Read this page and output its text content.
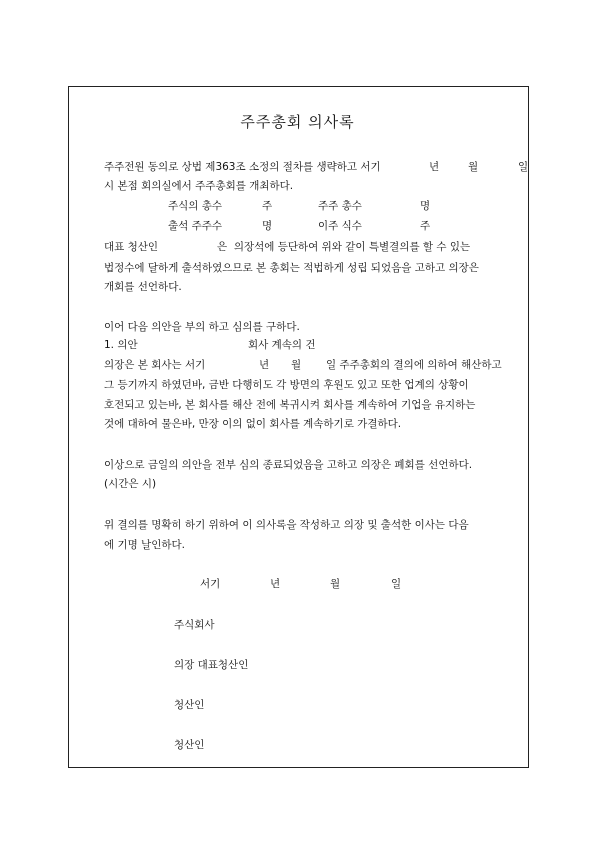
주주총회 의사록
주주전원 동의로 상법 제363조 소정의 절차를 생략하고 서기	년	월	일
시 본점 회의실에서 주주총회를 개최하다.
주식의 총수	주	주주 총수	명
출석 주주수	명	이주 식수	주
대표 청산인	은  의장석에 등단하여 위와 같이 특별결의를 할 수 있는
법정수에 달하게 출석하였으므로 본 총회는 적법하게 성립 되었음을 고하고 의장은
개회를 선언하다.
이어 다음 의안을 부의 하고 심의를 구하다.
1. 의안	회사 계속의 건
의장은 본 회사는 서기	년 월 일 주주총회의 결의에 의하여 해산하고
그 등기까지 하였던바, 금반 다행히도 각 방면의 후원도 있고 또한 업계의 상황이
호전되고 있는바, 본 회사를 해산 전에 복귀시켜 회사를 계속하여 기업을 유지하는
것에 대하여 물은바, 만장 이의 없이 회사를 계속하기로 가결하다.
이상으로 금일의 의안을 전부 심의 종료되었음을 고하고 의장은 폐회를 선언하다.
(시간은 시)
위 결의를 명확히 하기 위하여 이 의사록을 작성하고 의장 및 출석한 이사는 다음
에 기명 날인하다.
서기	년	월	일
주식회사
의장 대표청산인
청산인
청산인
